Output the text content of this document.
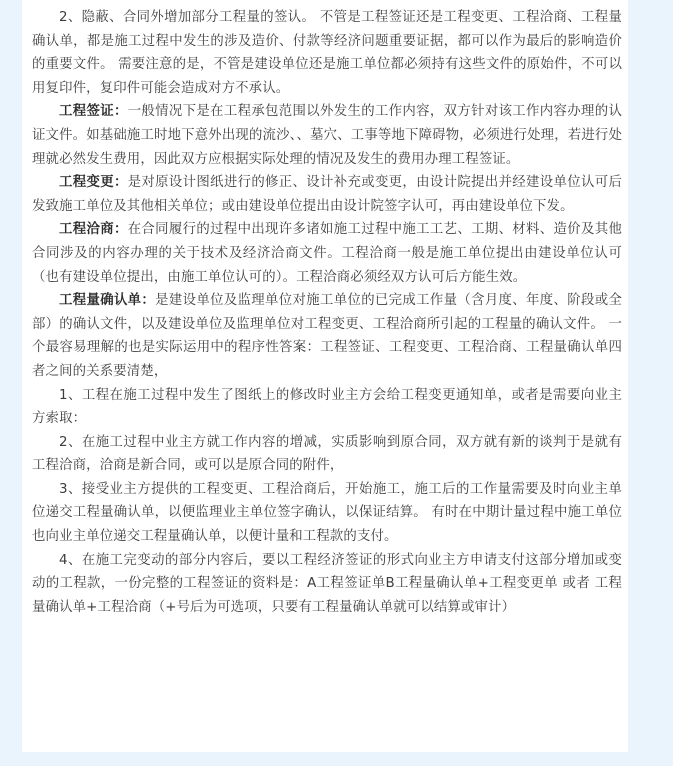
2、隐蔽、合同外增加部分工程量的签认。 不管是工程签证还是工程变更、工程洽商、工程量确认单，都是施工过程中发生的涉及造价、付款等经济问题重要证据，都可以作为最后的影响造价的重要文件。 需要注意的是，不管是建设单位还是施工单位都必须持有这些文件的原始件，不可以用复印件，复印件可能会造成对方不承认。

工程签证：一般情况下是在工程承包范围以外发生的工作内容，双方针对该工作内容办理的认证文件。如基础施工时地下意外出现的流沙、、墓穴、工事等地下障碍物，必须进行处理，若进行处理就必然发生费用，因此双方应根据实际处理的情况及发生的费用办理工程签证。

工程变更：是对原设计图纸进行的修正、设计补充或变更，由设计院提出并经建设单位认可后发致施工单位及其他相关单位；或由建设单位提出由设计院签字认可，再由建设单位下发。

工程洽商：在合同履行的过程中出现许多诸如施工过程中施工工艺、工期、材料、造价及其他合同涉及的内容办理的关于技术及经济洽商文件。工程洽商一般是施工单位提出由建设单位认可（也有建设单位提出，由施工单位认可的）。工程洽商必须经双方认可后方能生效。

工程量确认单：是建设单位及监理单位对施工单位的已完成工作量（含月度、年度、阶段或全部）的确认文件，以及建设单位及监理单位对工程变更、工程洽商所引起的工程量的确认文件。 一个最容易理解的也是实际运用中的程序性答案：工程签证、工程变更、工程洽商、工程量确认单四者之间的关系要清楚，

1、工程在施工过程中发生了图纸上的修改时业主方会给工程变更通知单，或者是需要向业主方索取：

2、在施工过程中业主方就工作内容的增减，实质影响到原合同，双方就有新的谈判于是就有工程洽商，洽商是新合同，或可以是原合同的附件，

3、接受业主方提供的工程变更、工程洽商后，开始施工，施工后的工作量需要及时向业主单位递交工程量确认单，以便监理业主单位签字确认，以保证结算。 有时在中期计量过程中施工单位也向业主单位递交工程量确认单，以便计量和工程款的支付。

4、在施工完变动的部分内容后，要以工程经济签证的形式向业主方申请支付这部分增加或变动的工程款，一份完整的工程签证的资料是：A工程签证单B工程量确认单+工程变更单 或者 工程量确认单+工程洽商（+号后为可选项，只要有工程量确认单就可以结算或审计）
